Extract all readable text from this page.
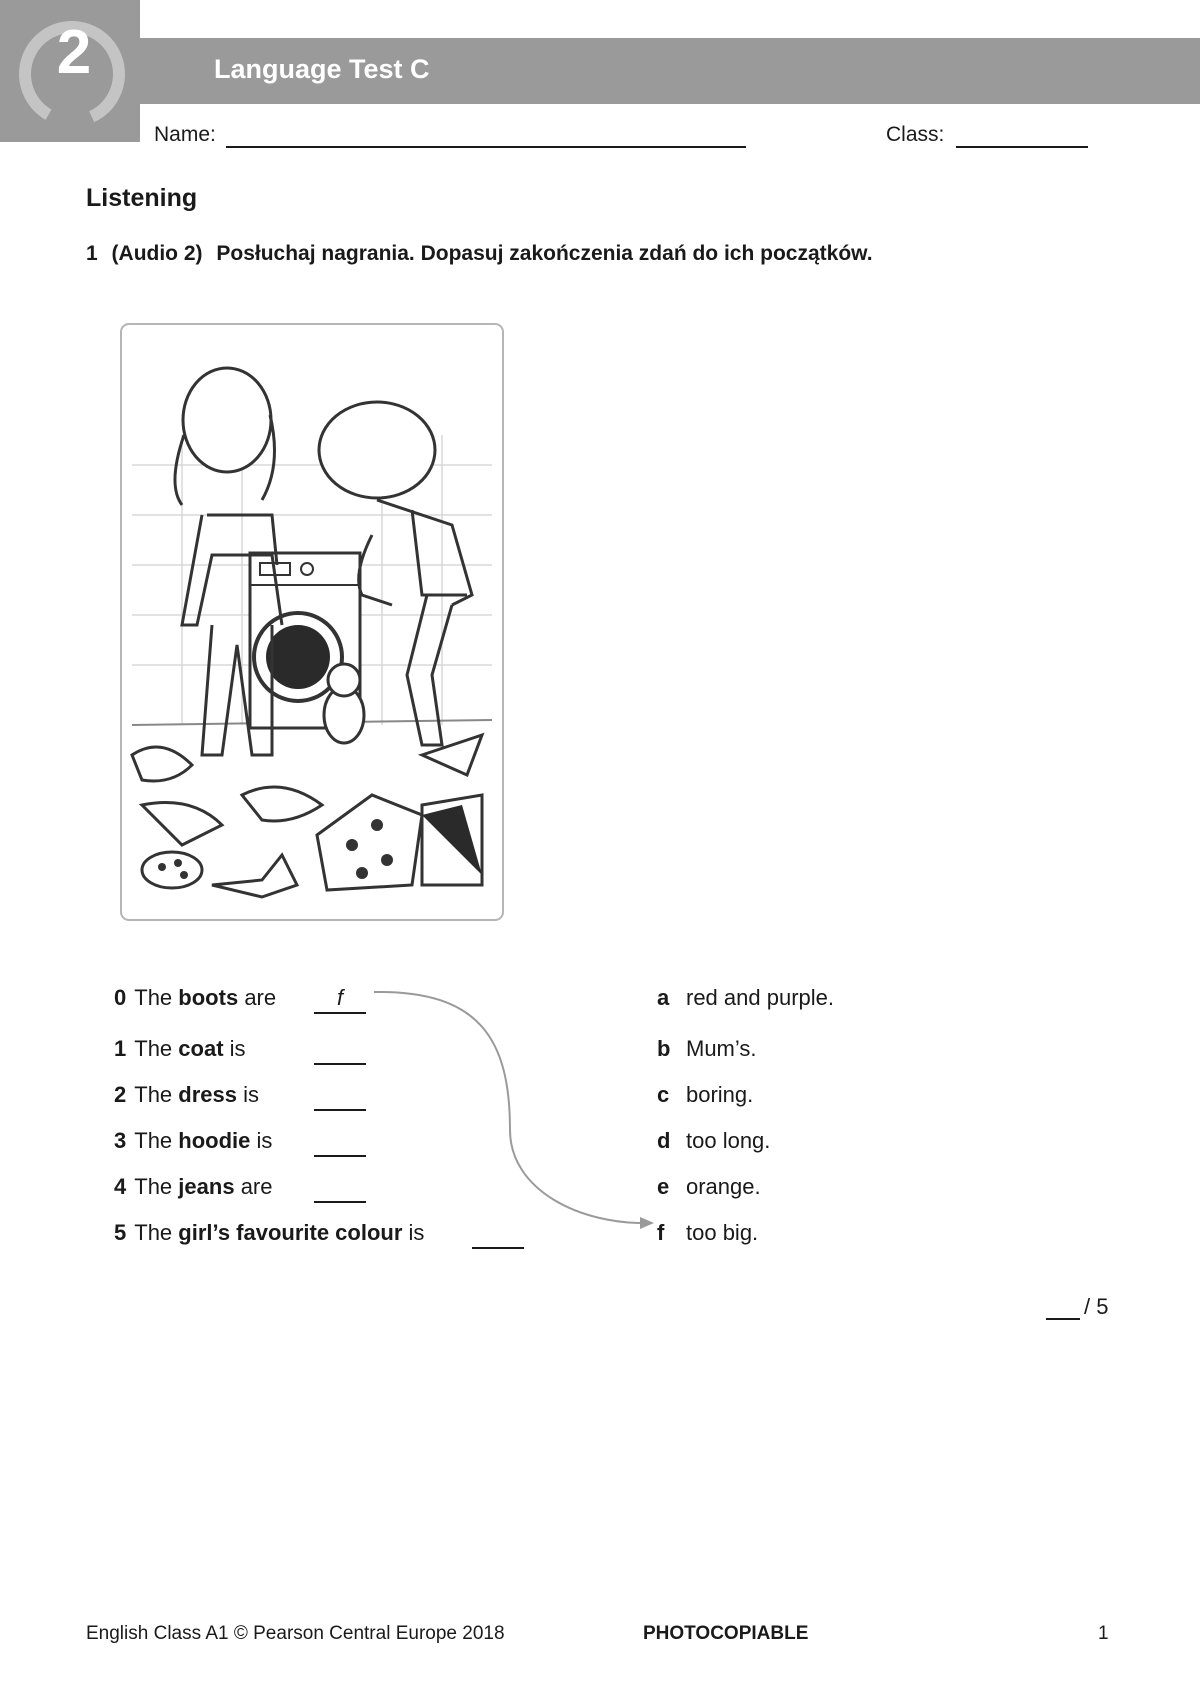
2	Language Test C
Name:	Class:
Listening
1 (Audio 2) Posłuchaj nagrania. Dopasuj zakończenia zdań do ich początków.
0 The boots are	f
1 The coat is
2 The dress is
3 The hoodie is
4 The jeans are
5 The girl’s favourite colour is
a red and purple.
b Mum’s.
c boring.
d too long.
e orange.
f too big.
/ 5
English Class A1 © Pearson Central Europe 2018	PHOTOCOPIABLE	1
